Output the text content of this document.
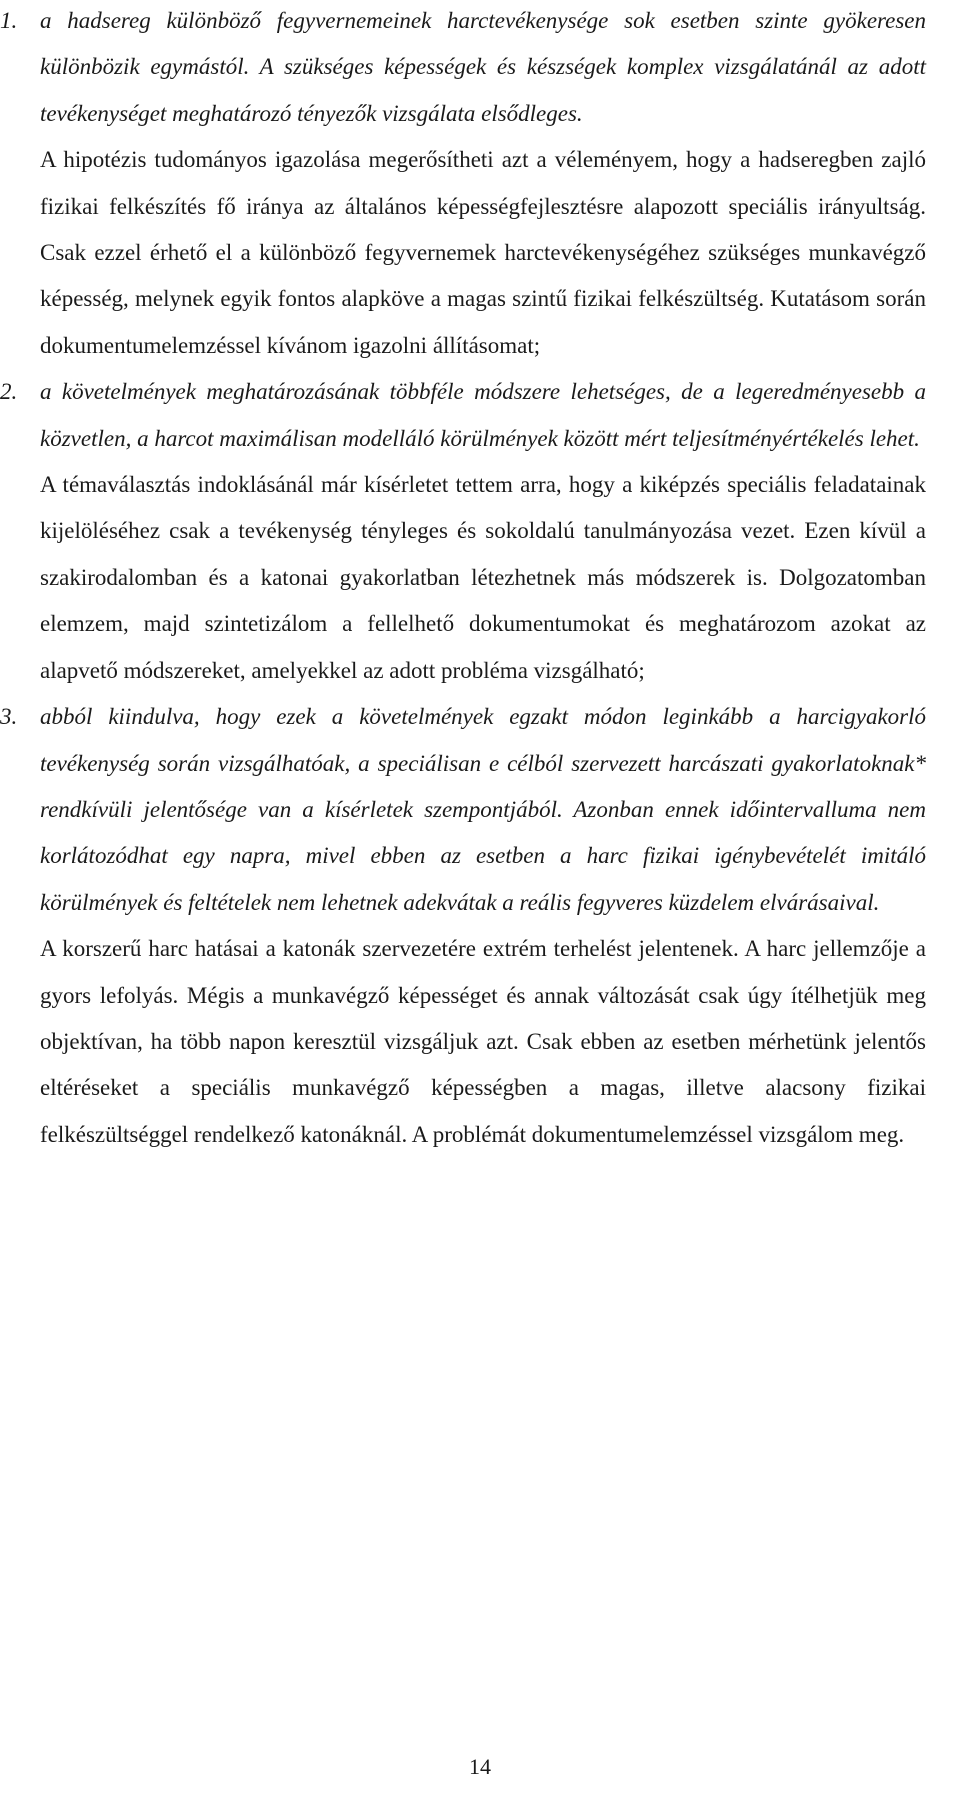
1. a hadsereg különböző fegyvernemeinek harctevékenysége sok esetben szinte gyökeresen különbözik egymástól. A szükséges képességek és készségek komplex vizsgálatánál az adott tevékenységet meghatározó tényezők vizsgálata elsődleges.
A hipotézis tudományos igazolása megerősítheti azt a véleményem, hogy a hadseregben zajló fizikai felkészítés fő iránya az általános képességfejlesztésre alapozott speciális irányultság. Csak ezzel érhető el a különböző fegyvernemek harctevékenységéhez szükséges munkavégző képesség, melynek egyik fontos alapköve a magas szintű fizikai felkészültség. Kutatásom során dokumentumelemzéssel kívánom igazolni állításomat;
2. a követelmények meghatározásának többféle módszere lehetséges, de a legeredményesebb a közvetlen, a harcot maximálisan modelláló körülmények között mért teljesítményértékelés lehet.
A témaválasztás indoklásánál már kísérletet tettem arra, hogy a kiképzés speciális feladatainak kijelöléséhez csak a tevékenység tényleges és sokoldalú tanulmányozása vezet. Ezen kívül a szakirodalomban és a katonai gyakorlatban létezhetnek más módszerek is. Dolgozatomban elemzem, majd szintetizálom a fellelhető dokumentumokat és meghatározom azokat az alapvető módszereket, amelyekkel az adott probléma vizsgálható;
3. abból kiindulva, hogy ezek a követelmények egzakt módon leginkább a harcigyakorló tevékenység során vizsgálhatóak, a speciálisan e célból szervezett harcászati gyakorlatoknak* rendkívüli jelentősége van a kísérletek szempontjából. Azonban ennek időintervalluma nem korlátozódhat egy napra, mivel ebben az esetben a harc fizikai igénybevételét imitáló körülmények és feltételek nem lehetnek adekvátak a reális fegyveres küzdelem elvárásaival.
A korszerű harc hatásai a katonák szervezetére extrém terhelést jelentenek. A harc jellemzője a gyors lefolyás. Mégis a munkavégző képességet és annak változását csak úgy ítélhetjük meg objektívan, ha több napon keresztül vizsgáljuk azt. Csak ebben az esetben mérhetünk jelentős eltéréseket a speciális munkavégző képességben a magas, illetve alacsony fizikai felkészültséggel rendelkező katonáknál. A problémát dokumentumelemzéssel vizsgálom meg.
14
